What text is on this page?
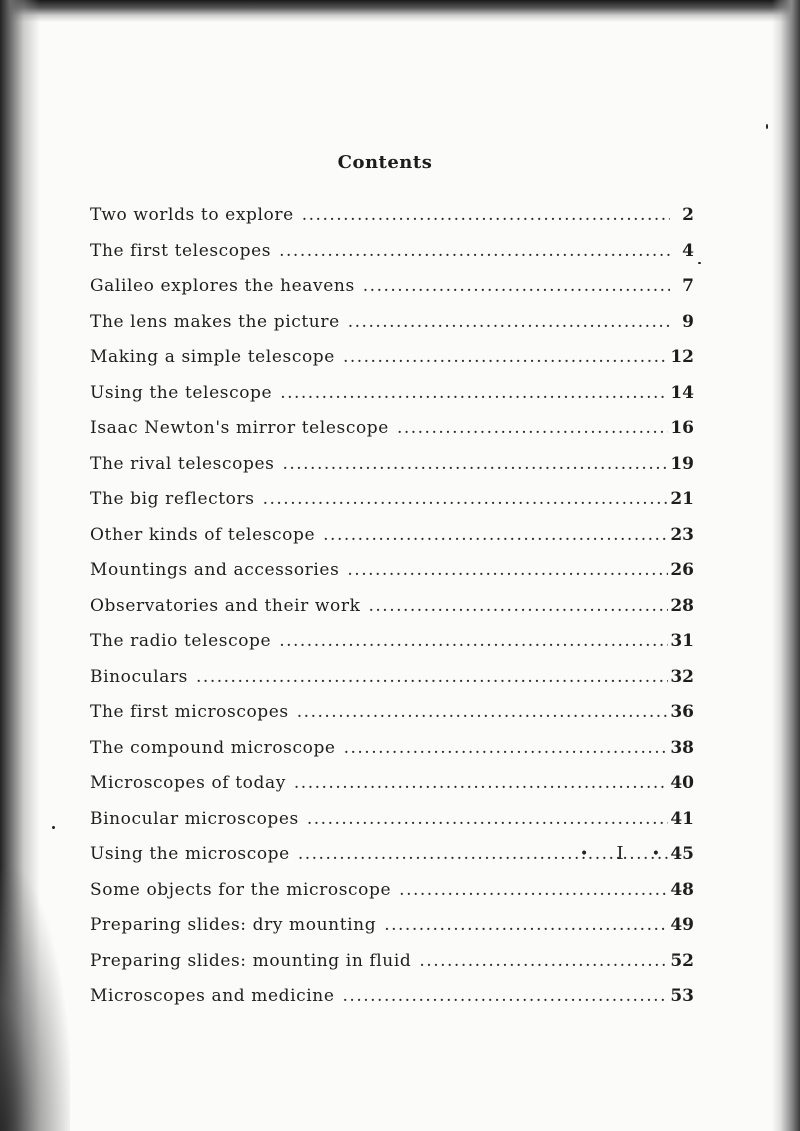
Contents
Two worlds to explore .....	2
The first telescopes .....	4
Galileo explores the heavens .....	7
The lens makes the picture .....	9
Making a simple telescope .....	12
Using the telescope .....	14
Isaac Newton's mirror telescope .....	16
The rival telescopes .....	19
The big reflectors .....	21
Other kinds of telescope .....	23
Mountings and accessories .....	26
Observatories and their work .....	28
The radio telescope .....	31
Binoculars .....	32
The first microscopes .....	36
The compound microscope .....	38
Microscopes of today .....	40
Binocular microscopes .....	41
Using the microscope .....	45
Some objects for the microscope .....	48
Preparing slides: dry mounting .....	49
Preparing slides: mounting in fluid .....	52
Microscopes and medicine .....	53
• I •
